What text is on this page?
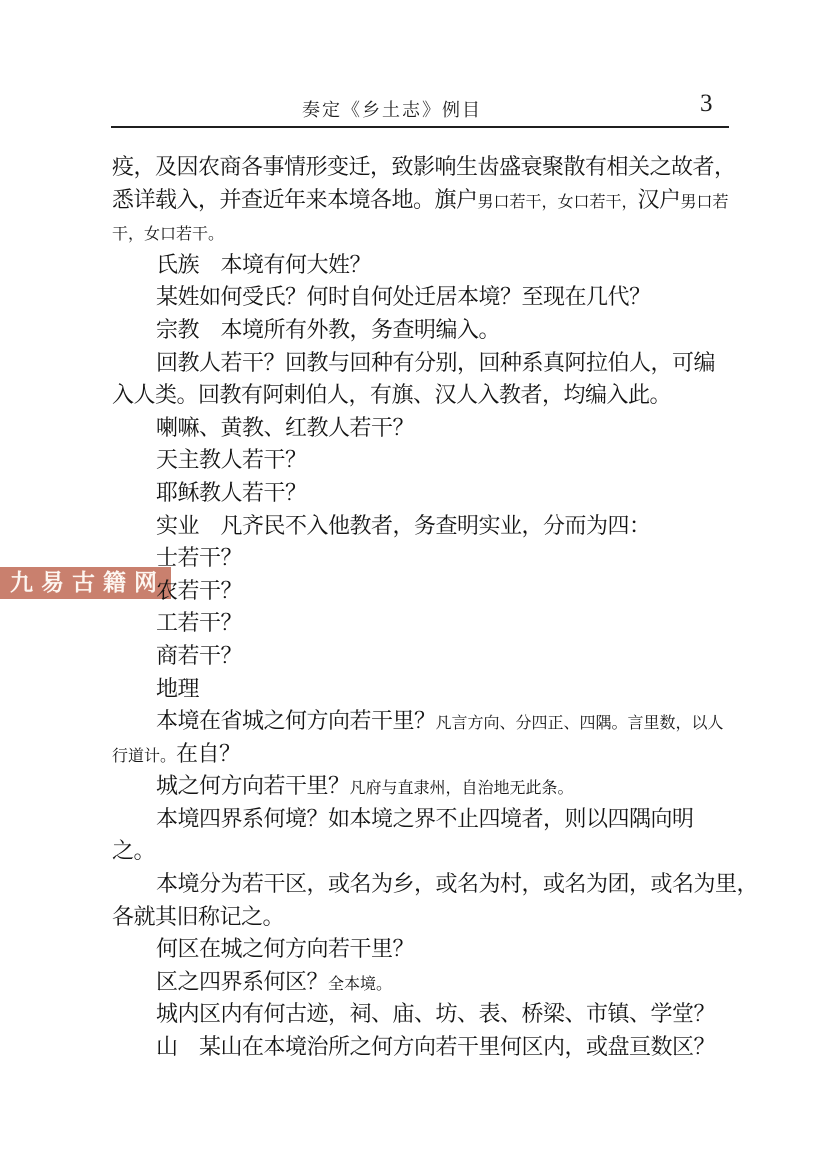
奏定《乡土志》例目	3
九易古籍网
疫，及因农商各事情形变迁，致影响生齿盛衰聚散有相关之故者，
悉详载入，并查近年来本境各地。旗户男口若干，女口若干，汉户男口若
干，女口若干。
氏族　本境有何大姓？
某姓如何受氏？何时自何处迁居本境？至现在几代？
宗教　本境所有外教，务查明编入。
回教人若干？回教与回种有分别，回种系真阿拉伯人，可编
入人类。回教有阿剌伯人，有旗、汉人入教者，均编入此。
喇嘛、黄教、红教人若干？
天主教人若干？
耶稣教人若干？
实业　凡齐民不入他教者，务查明实业，分而为四：
士若干？
农若干？
工若干？
商若干？
地理
本境在省城之何方向若干里？凡言方向、分四正、四隅。言里数，以人
行道计。在自？
城之何方向若干里？凡府与直隶州，自治地无此条。
本境四界系何境？如本境之界不止四境者，则以四隅向明
之。
本境分为若干区，或名为乡，或名为村，或名为团，或名为里，
各就其旧称记之。
何区在城之何方向若干里？
区之四界系何区？全本境。
城内区内有何古迹，祠、庙、坊、表、桥梁、市镇、学堂？
山　某山在本境治所之何方向若干里何区内，或盘亘数区？
